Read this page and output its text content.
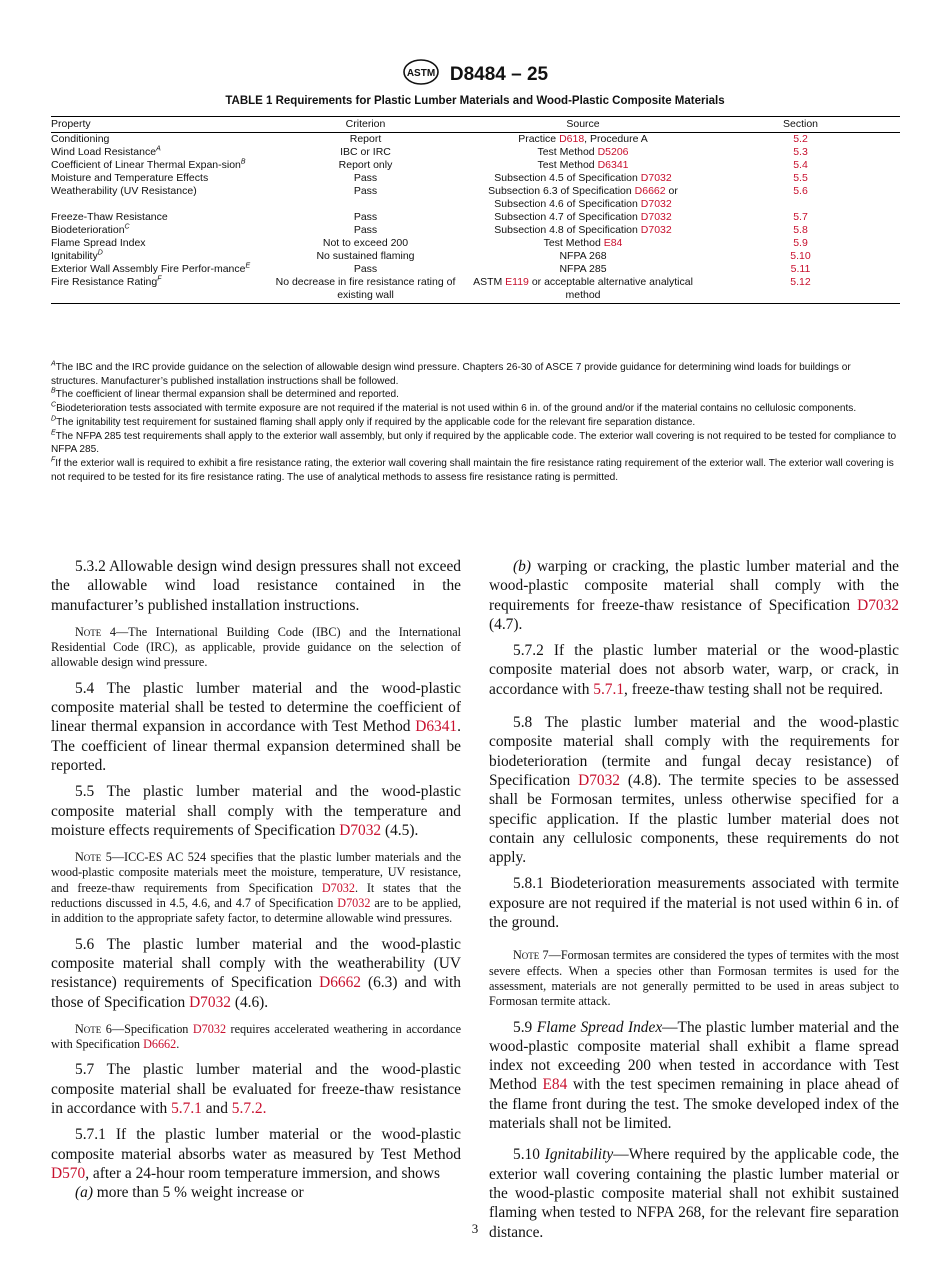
ASTM D8484 – 25
TABLE 1 Requirements for Plastic Lumber Materials and Wood-Plastic Composite Materials
Property	Criterion	Source	Section
Conditioning	Report	Practice D618, Procedure A	5.2
Wind Load Resistance$^A$	IBC or IRC	Test Method D5206	5.3
Coefficient of Linear Thermal Expan-sion$^B$	Report only	Test Method D6341	5.4
Moisture and Temperature Effects	Pass	Subsection 4.5 of Specification D7032	5.5
Weatherability (UV Resistance)	Pass	Subsection 6.3 of Specification D6662 or Subsection 4.6 of Specification D7032	5.6
Freeze-Thaw Resistance	Pass	Subsection 4.7 of Specification D7032	5.7
Biodeterioration$^C$	Pass	Subsection 4.8 of Specification D7032	5.8
Flame Spread Index	Not to exceed 200	Test Method E84	5.9
Ignitability$^D$	No sustained flaming	NFPA 268	5.10
Exterior Wall Assembly Fire Perfor-mance$^E$	Pass	NFPA 285	5.11
Fire Resistance Rating$^F$	No decrease in fire resistance rating of existing wall	ASTM E119 or acceptable alternative analytical method	5.12

$^A$The IBC and the IRC provide guidance on the selection of allowable design wind pressure. Chapters 26-30 of ASCE 7 provide guidance for determining wind loads for buildings or structures. Manufacturer’s published installation instructions shall be followed.

$^B$The coefficient of linear thermal expansion shall be determined and reported.

$^C$Biodeterioration tests associated with termite exposure are not required if the material is not used within 6 in. of the ground and/or if the material contains no cellulosic components.

$^D$The ignitability test requirement for sustained flaming shall apply only if required by the applicable code for the relevant fire separation distance.

$^E$The NFPA 285 test requirements shall apply to the exterior wall assembly, but only if required by the applicable code. The exterior wall covering is not required to be tested for compliance to NFPA 285.

$^F$If the exterior wall is required to exhibit a fire resistance rating, the exterior wall covering shall maintain the fire resistance rating requirement of the exterior wall. The exterior wall covering is not required to be tested for its fire resistance rating. The use of analytical methods to assess fire resistance rating is permitted.

5.3.2 Allowable design wind design pressures shall not exceed the allowable wind load resistance contained in the manufacturer’s published installation instructions.

Note 4—The International Building Code (IBC) and the International Residential Code (IRC), as applicable, provide guidance on the selection of allowable design wind pressure.

5.4 The plastic lumber material and the wood-plastic composite material shall be tested to determine the coefficient of linear thermal expansion in accordance with Test Method D6341. The coefficient of linear thermal expansion determined shall be reported.

5.5 The plastic lumber material and the wood-plastic composite material shall comply with the temperature and moisture effects requirements of Specification D7032 (4.5).

Note 5—ICC-ES AC 524 specifies that the plastic lumber materials and the wood-plastic composite materials meet the moisture, temperature, UV resistance, and freeze-thaw requirements from Specification D7032. It states that the reductions discussed in 4.5, 4.6, and 4.7 of Specification D7032 are to be applied, in addition to the appropriate safety factor, to determine allowable wind pressures.

5.6 The plastic lumber material and the wood-plastic composite material shall comply with the weatherability (UV resistance) requirements of Specification D6662 (6.3) and with those of Specification D7032 (4.6).

Note 6—Specification D7032 requires accelerated weathering in accordance with Specification D6662.

5.7 The plastic lumber material and the wood-plastic composite material shall be evaluated for freeze-thaw resistance in accordance with 5.7.1 and 5.7.2.

5.7.1 If the plastic lumber material or the wood-plastic composite material absorbs water as measured by Test Method D570, after a 24-hour room temperature immersion, and shows

(a) more than 5 % weight increase or

(b) warping or cracking, the plastic lumber material and the wood-plastic composite material shall comply with the requirements for freeze-thaw resistance of Specification D7032 (4.7).

5.7.2 If the plastic lumber material or the wood-plastic composite material does not absorb water, warp, or crack, in accordance with 5.7.1, freeze-thaw testing shall not be required.

5.8 The plastic lumber material and the wood-plastic composite material shall comply with the requirements for biodeterioration (termite and fungal decay resistance) of Specification D7032 (4.8). The termite species to be assessed shall be Formosan termites, unless otherwise specified for a specific application. If the plastic lumber material does not contain any cellulosic components, these requirements do not apply.

5.8.1 Biodeterioration measurements associated with termite exposure are not required if the material is not used within 6 in. of the ground.

Note 7—Formosan termites are considered the types of termites with the most severe effects. When a species other than Formosan termites is used for the assessment, materials are not generally permitted to be used in areas subject to Formosan termite attack.

5.9 Flame Spread Index—The plastic lumber material and the wood-plastic composite material shall exhibit a flame spread index not exceeding 200 when tested in accordance with Test Method E84 with the test specimen remaining in place ahead of the flame front during the test. The smoke developed index of the materials shall not be limited.

5.10 Ignitability—Where required by the applicable code, the exterior wall covering containing the plastic lumber material or the wood-plastic composite material shall not exhibit sustained flaming when tested to NFPA 268, for the relevant fire separation distance.

3
